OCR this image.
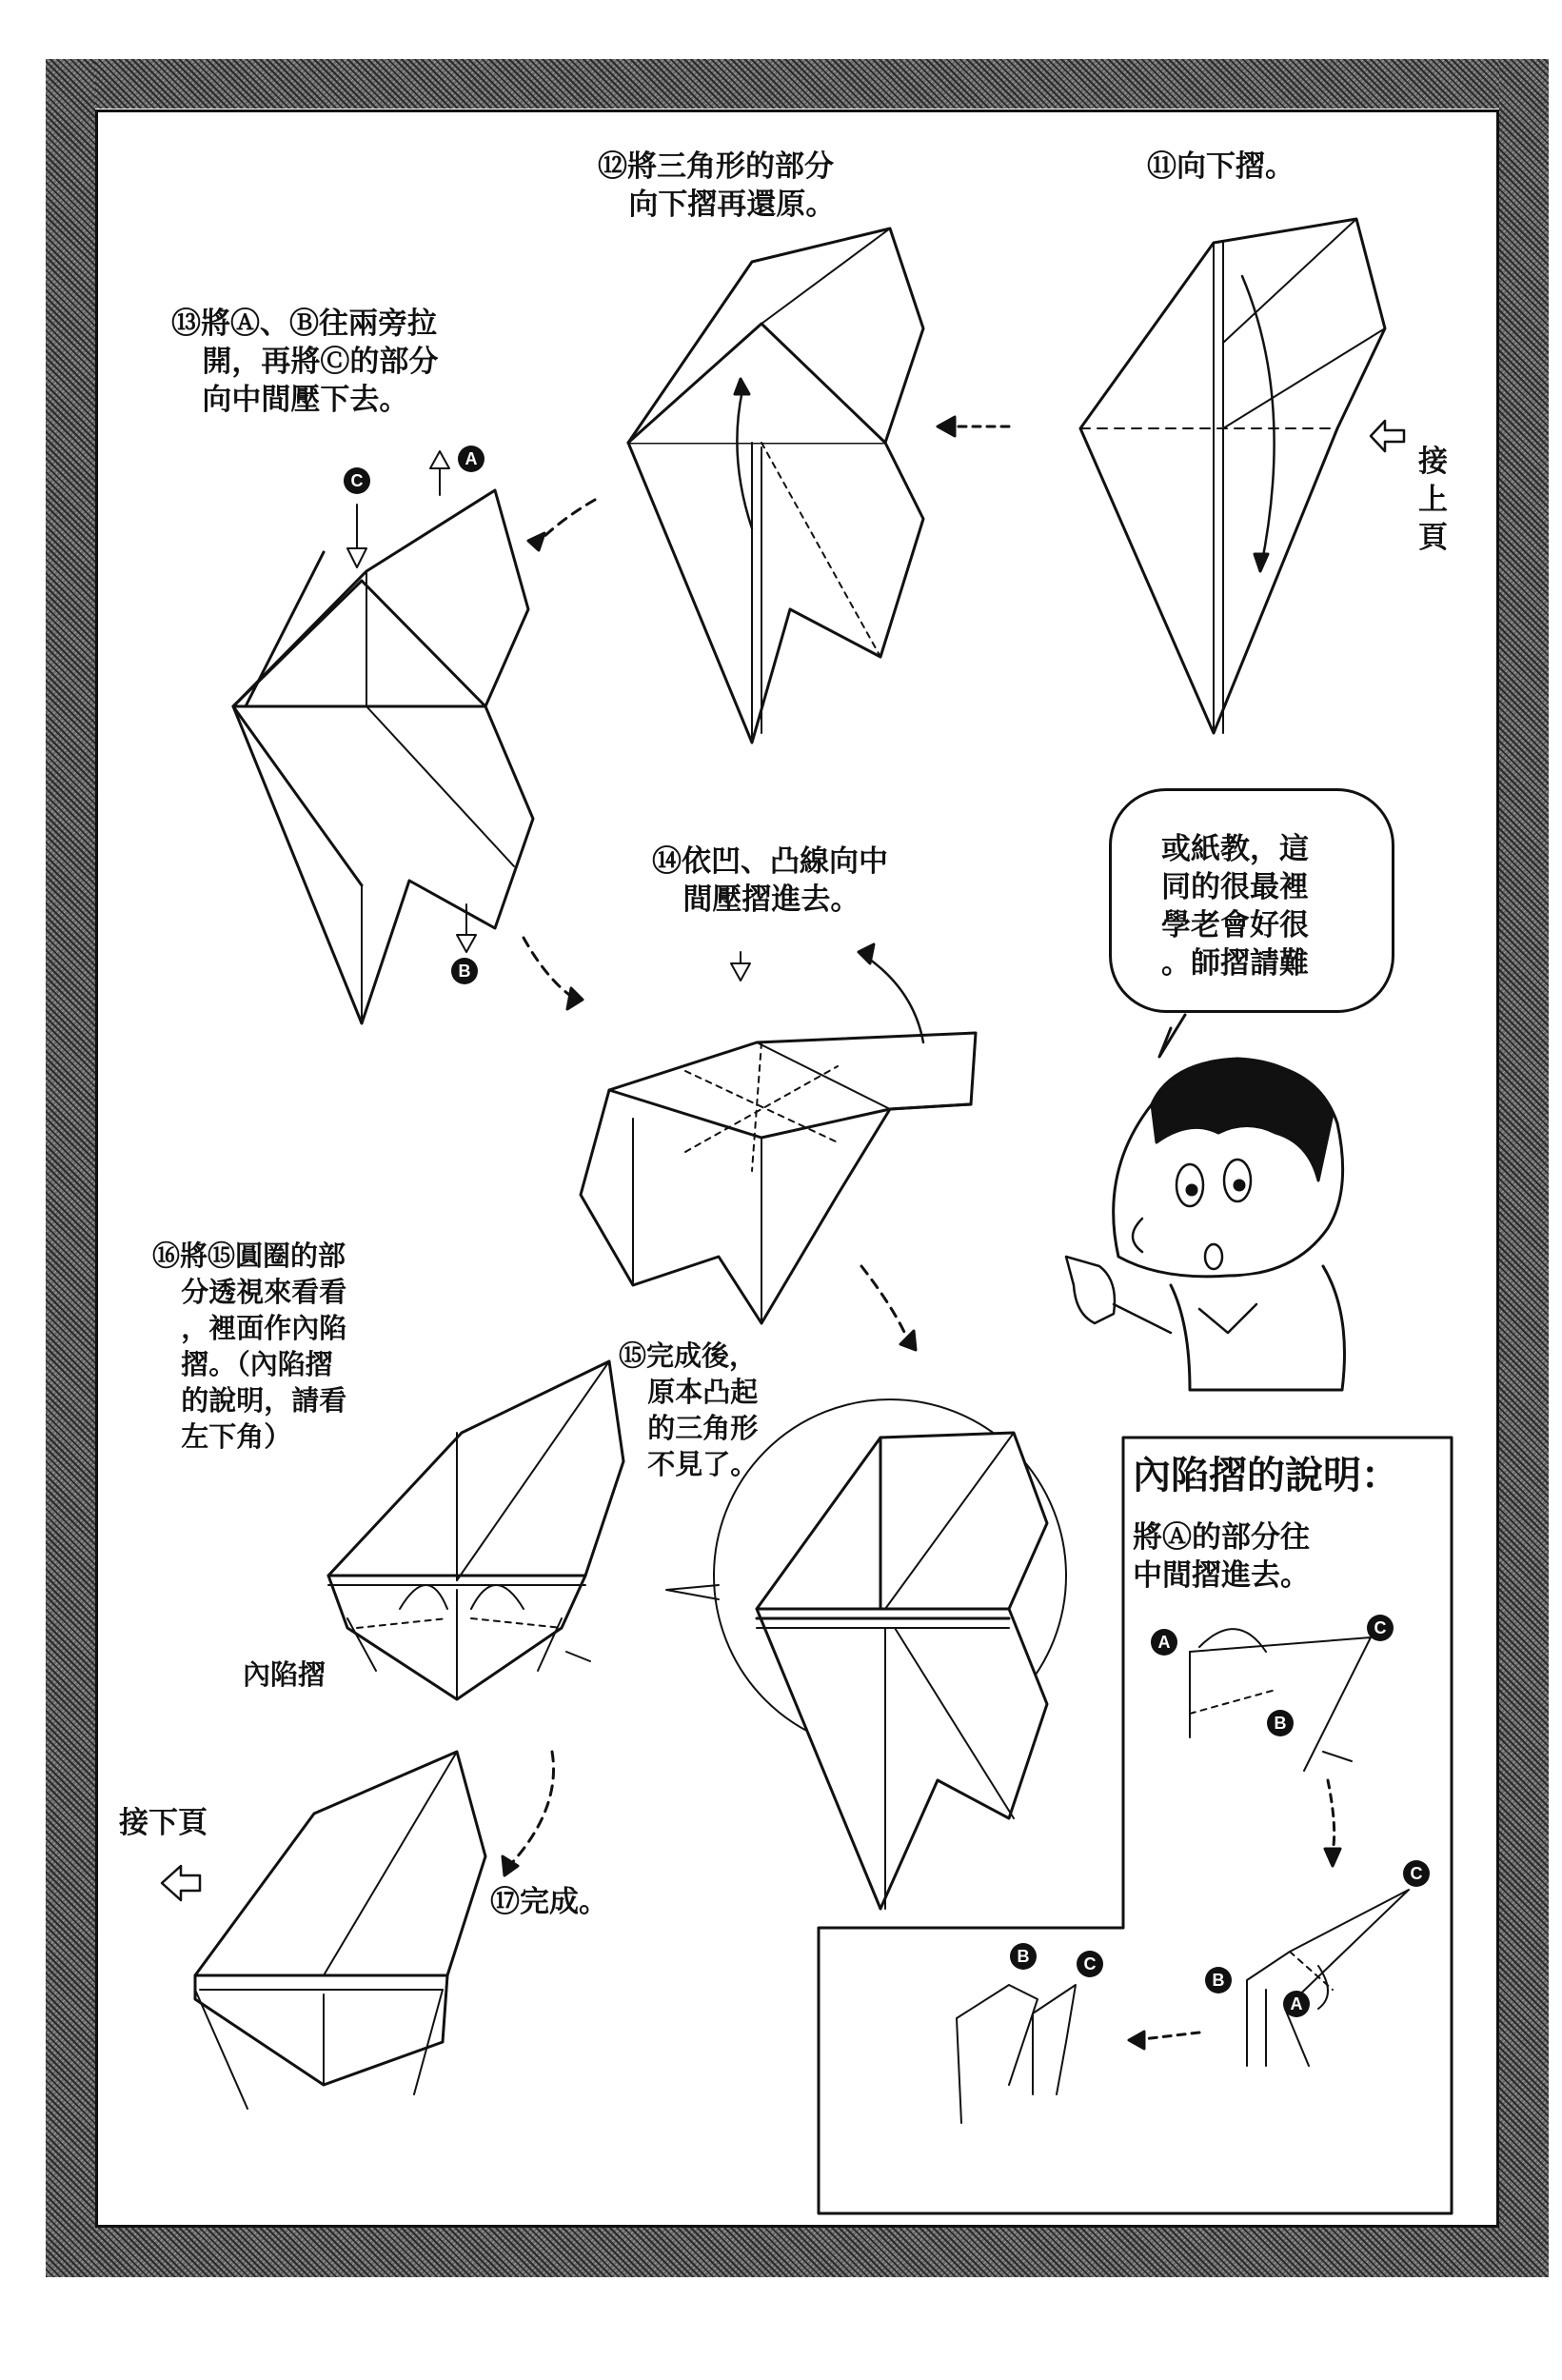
C
A
B
A
C
B
C
B
A
B	C
或紙教，這
同的很最裡
學老會好很
。師摺請難
⑪向下摺。
⑫將三角形的部分
向下摺再還原。
⑬將Ⓐ、Ⓑ往兩旁拉
開，再將Ⓒ的部分
向中間壓下去。
⑭依凹、凸線向中
間壓摺進去。
⑮完成後，
原本凸起
的三角形
不見了。
⑯將⑮圓圈的部
分透視來看看
，裡面作內陷
摺。（內陷摺
的說明，請看
左下角）
⑰完成。
接
上
頁
接下頁
內陷摺
內陷摺的說明：
將Ⓐ的部分往
中間摺進去。
